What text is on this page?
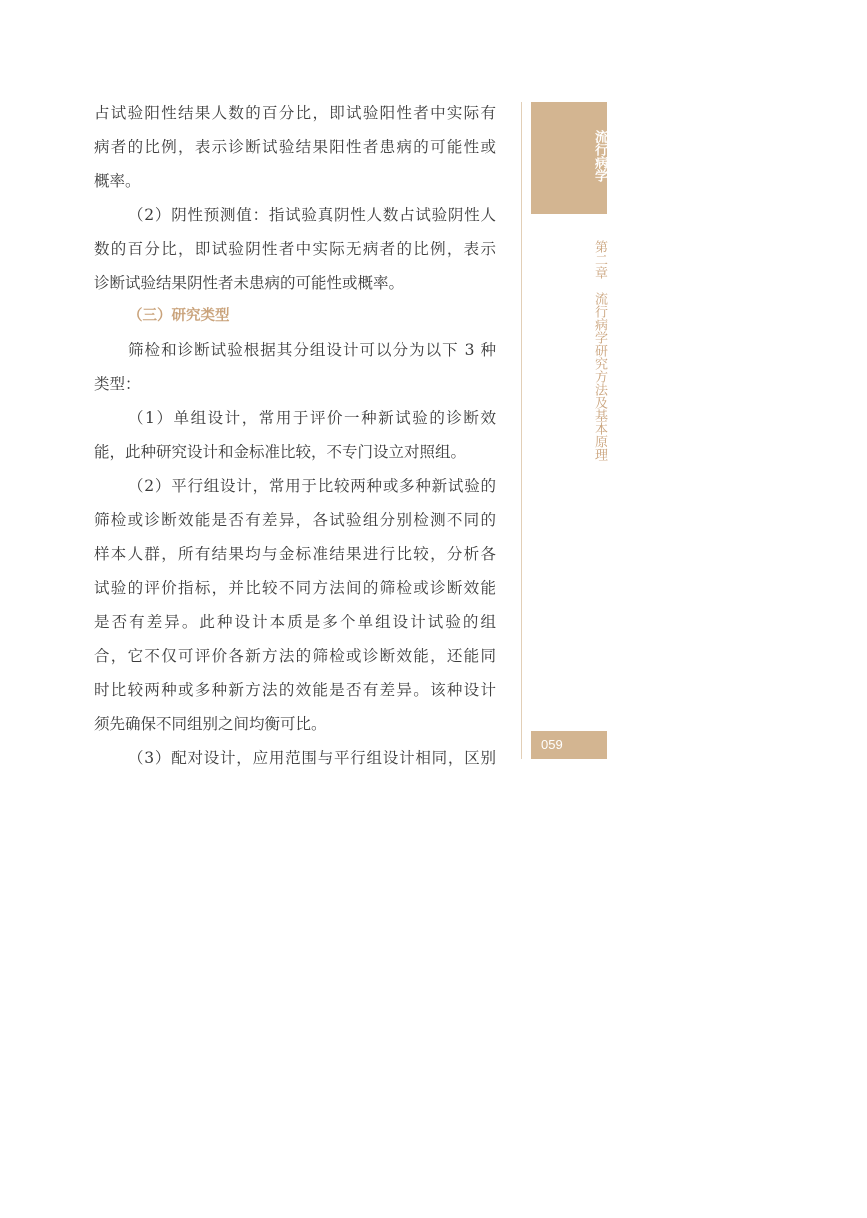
占试验阳性结果人数的百分比，即试验阳性者中实际有
病者的比例，表示诊断试验结果阳性者患病的可能性或
概率。
（2）阴性预测值：指试验真阴性人数占试验阴性人
数的百分比，即试验阴性者中实际无病者的比例，表示
诊断试验结果阴性者未患病的可能性或概率。
（三）研究类型
筛检和诊断试验根据其分组设计可以分为以下 3 种
类型：
（1）单组设计，常用于评价一种新试验的诊断效
能，此种研究设计和金标准比较，不专门设立对照组。
（2）平行组设计，常用于比较两种或多种新试验的
筛检或诊断效能是否有差异，各试验组分别检测不同的
样本人群，所有结果均与金标准结果进行比较，分析各
试验的评价指标，并比较不同方法间的筛检或诊断效能
是否有差异。此种设计本质是多个单组设计试验的组
合，它不仅可评价各新方法的筛检或诊断效能，还能同
时比较两种或多种新方法的效能是否有差异。该种设计
须先确保不同组别之间均衡可比。
（3）配对设计，应用范围与平行组设计相同，区别
流行病学
第二章　流行病学研究方法及基本原理
059
